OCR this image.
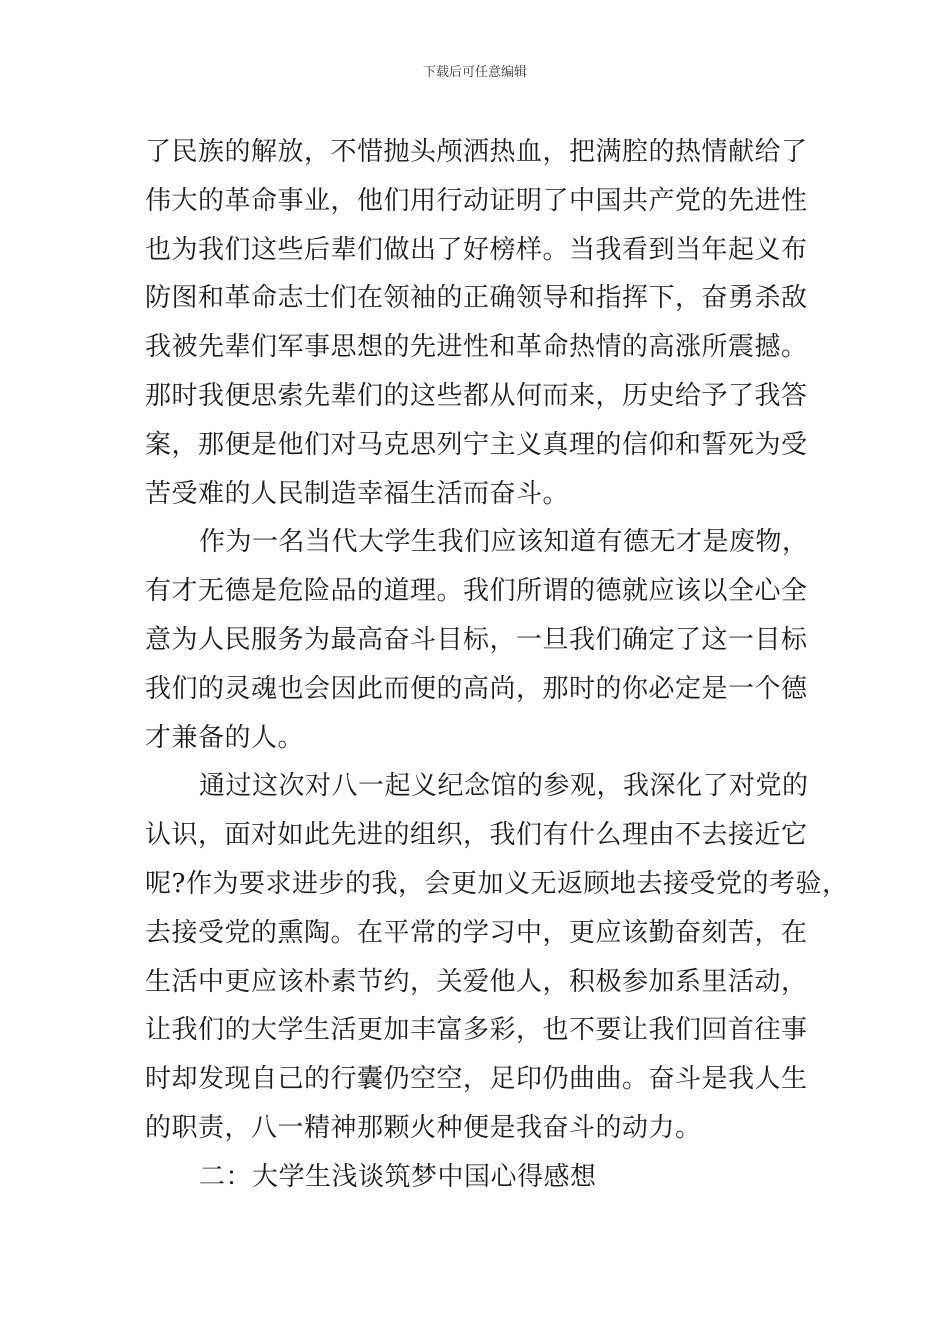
下载后可任意编辑
了民族的解放，不惜抛头颅洒热血，把满腔的热情献给了
伟大的革命事业，他们用行动证明了中国共产党的先进性
也为我们这些后辈们做出了好榜样。当我看到当年起义布
防图和革命志士们在领袖的正确领导和指挥下，奋勇杀敌
我被先辈们军事思想的先进性和革命热情的高涨所震撼。
那时我便思索先辈们的这些都从何而来，历史给予了我答
案，那便是他们对马克思列宁主义真理的信仰和誓死为受
苦受难的人民制造幸福生活而奋斗。
作为一名当代大学生我们应该知道有德无才是废物，
有才无德是危险品的道理。我们所谓的德就应该以全心全
意为人民服务为最高奋斗目标，一旦我们确定了这一目标
我们的灵魂也会因此而便的高尚，那时的你必定是一个德
才兼备的人。
通过这次对八一起义纪念馆的参观，我深化了对党的
认识，面对如此先进的组织，我们有什么理由不去接近它
呢?作为要求进步的我，会更加义无返顾地去接受党的考验，
去接受党的熏陶。在平常的学习中，更应该勤奋刻苦，在
生活中更应该朴素节约，关爱他人，积极参加系里活动，
让我们的大学生活更加丰富多彩，也不要让我们回首往事
时却发现自己的行囊仍空空，足印仍曲曲。奋斗是我人生
的职责，八一精神那颗火种便是我奋斗的动力。
二：大学生浅谈筑梦中国心得感想
